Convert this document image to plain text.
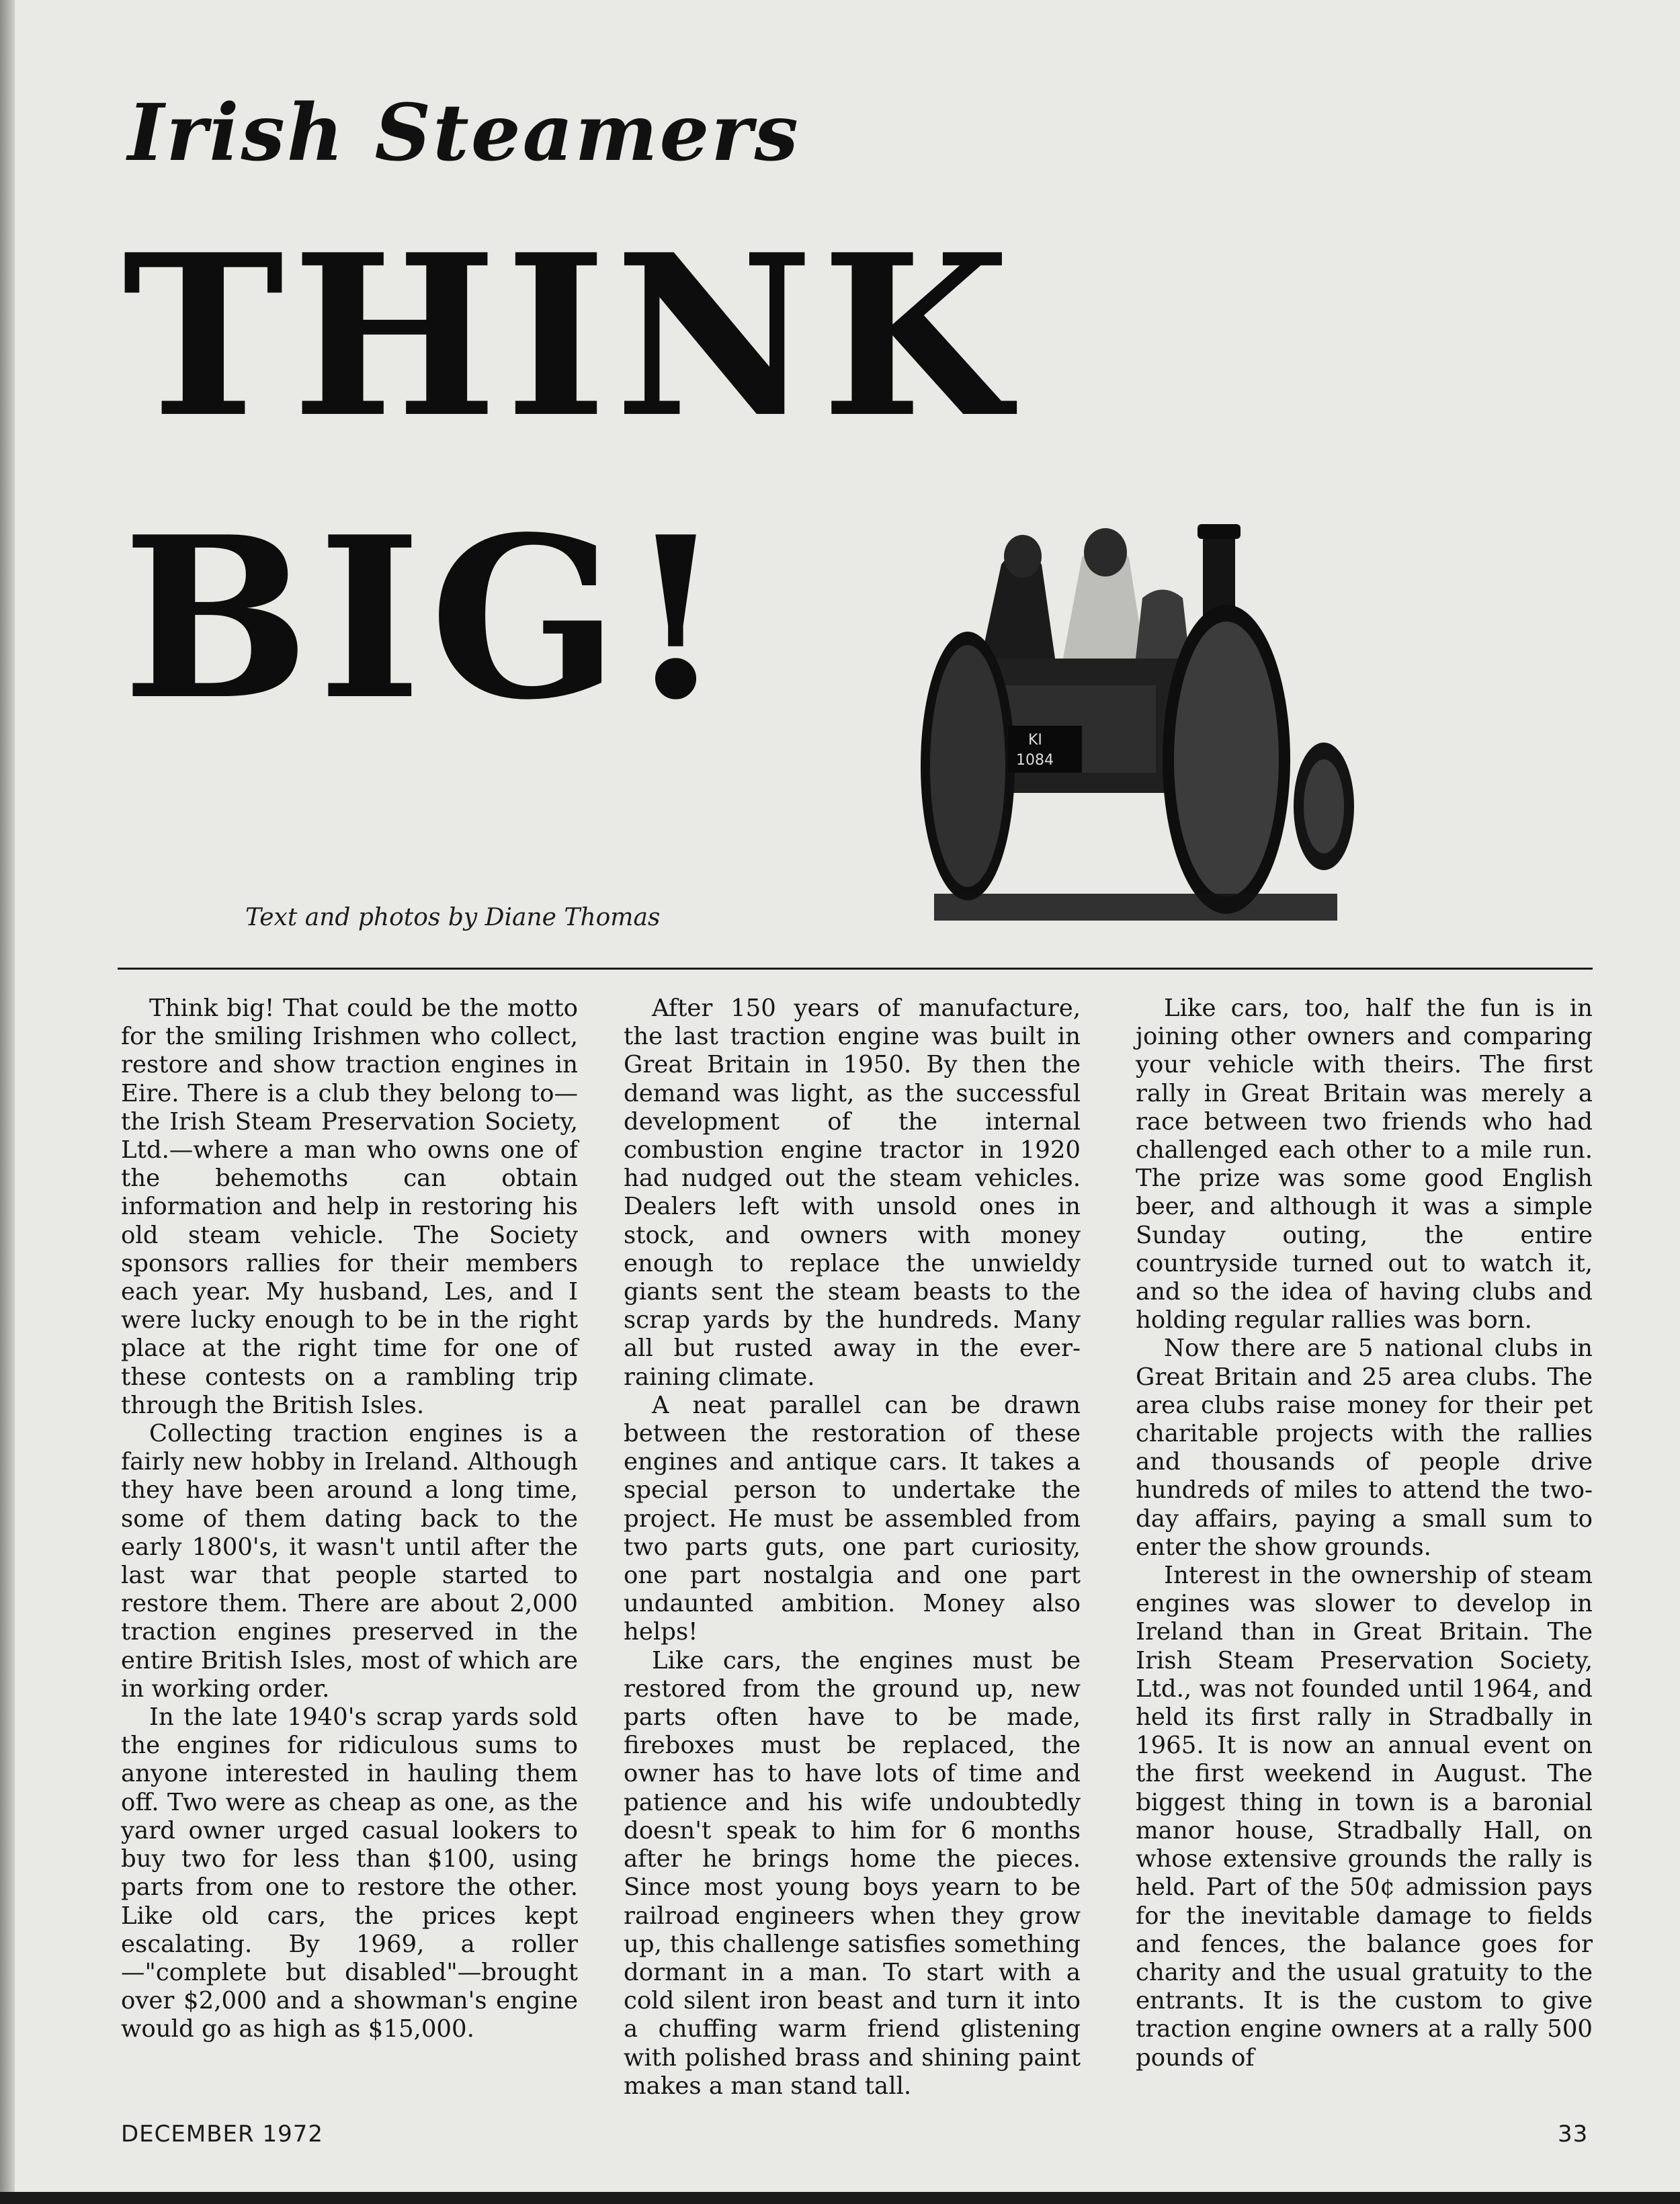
Irish Steamers
THINK
BIG!	KI
1084
Text and photos by Diane Thomas

Think big! That could be the motto for the smiling Irishmen who collect, restore and show traction engines in Eire. There is a club they belong to—the Irish Steam Preservation Society, Ltd.—where a man who owns one of the behemoths can obtain information and help in restoring his old steam vehicle. The Society sponsors rallies for their members each year. My husband, Les, and I were lucky enough to be in the right place at the right time for one of these contests on a rambling trip through the British Isles.

Collecting traction engines is a fairly new hobby in Ireland. Although they have been around a long time, some of them dating back to the early 1800's, it wasn't until after the last war that people started to restore them. There are about 2,000 traction engines preserved in the entire British Isles, most of which are in working order.

In the late 1940's scrap yards sold the engines for ridiculous sums to anyone interested in hauling them off. Two were as cheap as one, as the yard owner urged casual lookers to buy two for less than $100, using parts from one to restore the other. Like old cars, the prices kept escalating. By 1969, a roller—"complete but disabled"—brought over $2,000 and a showman's engine would go as high as $15,000.

After 150 years of manufacture, the last traction engine was built in Great Britain in 1950. By then the demand was light, as the successful development of the internal combustion engine tractor in 1920 had nudged out the steam vehicles. Dealers left with unsold ones in stock, and owners with money enough to replace the unwieldy giants sent the steam beasts to the scrap yards by the hundreds. Many all but rusted away in the ever-raining climate.

A neat parallel can be drawn between the restoration of these engines and antique cars. It takes a special person to undertake the project. He must be assembled from two parts guts, one part curiosity, one part nostalgia and one part undaunted ambition. Money also helps!

Like cars, the engines must be restored from the ground up, new parts often have to be made, fireboxes must be replaced, the owner has to have lots of time and patience and his wife undoubtedly doesn't speak to him for 6 months after he brings home the pieces. Since most young boys yearn to be railroad engineers when they grow up, this challenge satisfies something dormant in a man. To start with a cold silent iron beast and turn it into a chuffing warm friend glistening with polished brass and shining paint makes a man stand tall.

Like cars, too, half the fun is in joining other owners and comparing your vehicle with theirs. The first rally in Great Britain was merely a race between two friends who had challenged each other to a mile run. The prize was some good English beer, and although it was a simple Sunday outing, the entire countryside turned out to watch it, and so the idea of having clubs and holding regular rallies was born.

Now there are 5 national clubs in Great Britain and 25 area clubs. The area clubs raise money for their pet charitable projects with the rallies and thousands of people drive hundreds of miles to attend the two-day affairs, paying a small sum to enter the show grounds.

Interest in the ownership of steam engines was slower to develop in Ireland than in Great Britain. The Irish Steam Preservation Society, Ltd., was not founded until 1964, and held its first rally in Stradbally in 1965. It is now an annual event on the first weekend in August. The biggest thing in town is a baronial manor house, Stradbally Hall, on whose extensive grounds the rally is held. Part of the 50¢ admission pays for the inevitable damage to fields and fences, the balance goes for charity and the usual gratuity to the entrants. It is the custom to give traction engine owners at a rally 500 pounds of

DECEMBER 1972	33
